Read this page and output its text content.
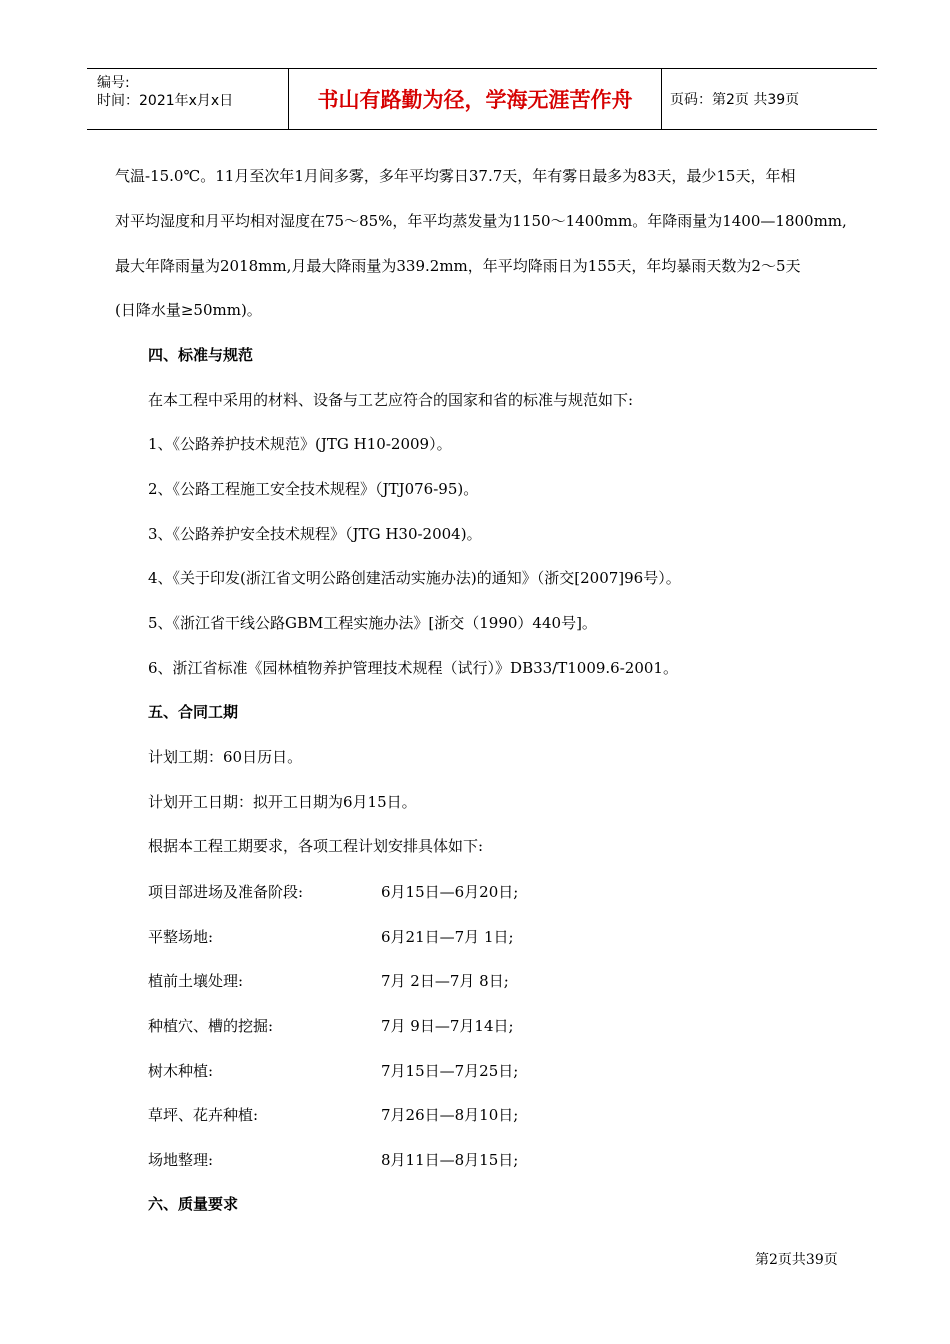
编号:
时间：2021年x月x日	书山有路勤为径，学海无涯苦作舟	页码：第2页 共39页
气温-15.0℃。11月至次年1月间多雾，多年平均雾日37.7天，年有雾日最多为83天，最少15天，年相
对平均湿度和月平均相对湿度在75～85%，年平均蒸发量为1150～1400mm。年降雨量为1400—1800mm,
最大年降雨量为2018mm,月最大降雨量为339.2mm，年平均降雨日为155天，年均暴雨天数为2～5天
(日降水量≥50mm)。
四、标准与规范
在本工程中采用的材料、设备与工艺应符合的国家和省的标准与规范如下:
1、《公路养护技术规范》(JTG H10-2009）。
2、《公路工程施工安全技术规程》（JTJ076-95)。
3、《公路养护安全技术规程》（JTG H30-2004)。
4、《关于印发(浙江省文明公路创建活动实施办法)的通知》（浙交[2007]96号）。
5、《浙江省干线公路GBM工程实施办法》[浙交（1990）440号]。
6、浙江省标准《园林植物养护管理技术规程（试行）》DB33/T1009.6-2001。
五、合同工期
计划工期：60日历日。
计划开工日期：拟开工日期为6月15日。
根据本工程工期要求，各项工程计划安排具体如下:
项目部进场及准备阶段:	6月15日—6月20日;
平整场地:	6月21日—7月 1日;
植前土壤处理:	7月 2日—7月 8日;
种植穴、槽的挖掘:	7月 9日—7月14日;
树木种植:	7月15日—7月25日;
草坪、花卉种植:	7月26日—8月10日;
场地整理:	8月11日—8月15日;
六、质量要求
第2页共39页
